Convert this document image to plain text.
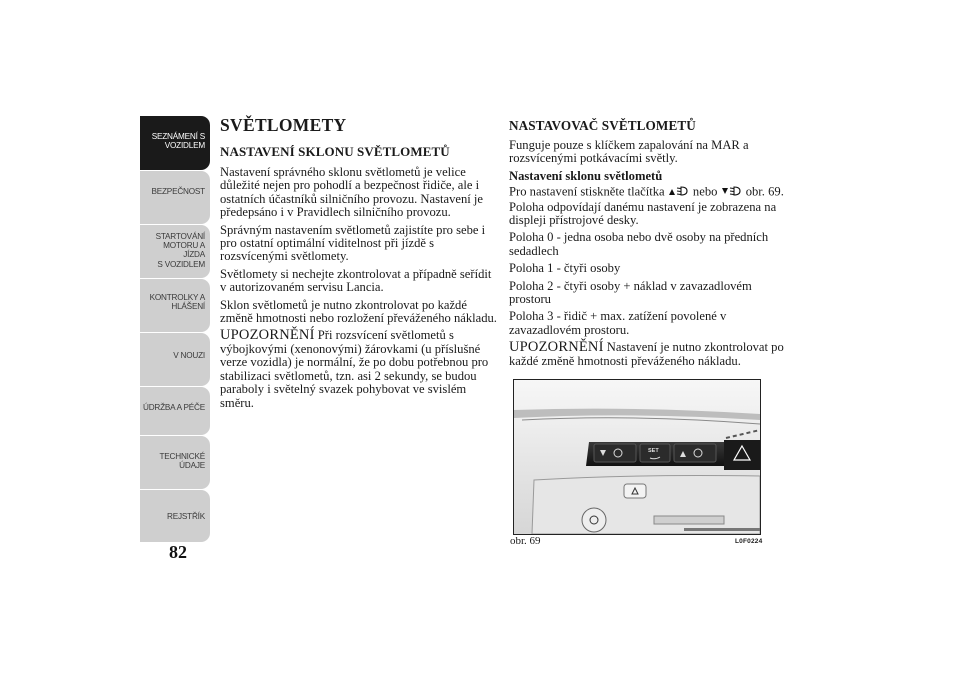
SEZNÁMENÍ S
VOZIDLEM
BEZPEČNOST
STARTOVÁNÍ
MOTORU A JÍZDA
S VOZIDLEM
KONTROLKY A
HLÁŠENÍ
V NOUZI
ÚDRŽBA A PÉČE
TECHNICKÉ
ÚDAJE
REJSTŘÍK
82
SVĚTLOMETY
NASTAVENÍ SKLONU SVĚTLOMETŮ

Nastavení správného sklonu světlometů je velice důležité nejen pro pohodlí a bezpečnost řidiče, ale i ostatních účastníků silničního provozu. Nastavení je předepsáno i v Pravidlech silničního provozu.

Správným nastavením světlometů zajistíte pro sebe i pro ostatní optimální viditelnost při jízdě s rozsvícenými světlomety.

Světlomety si nechejte zkontrolovat a případně seřídit v autorizovaném servisu Lancia.

Sklon světlometů je nutno zkontrolovat po každé změně hmotnosti nebo rozložení převáženého nákladu.

UPOZORNĚNÍ Při rozsvícení světlometů s výbojkovými (xenonovými) žárovkami (u příslušné verze vozidla) je normální, že po dobu potřebnou pro stabilizaci světlometů, tzn. asi 2 sekundy, se budou paraboly i světelný svazek pohybovat ve svislém směru.

NASTAVOVAČ SVĚTLOMETŮ

Funguje pouze s klíčkem zapalování na MAR a rozsvícenými potkávacími světly.

Nastavení sklonu světlometů

Pro nastavení stiskněte tlačítka  nebo  obr. 69. Poloha odpovídají danému nastavení je zobrazena na displeji přístrojové desky.

Poloha 0 - jedna osoba nebo dvě osoby na předních sedadlech

Poloha 1 - čtyři osoby

Poloha 2 - čtyři osoby + náklad v zavazadlovém prostoru

Poloha 3 - řidič + max. zatížení povolené v zavazadlovém prostoru.

UPOZORNĚNÍ Nastavení je nutno zkontrolovat po každé změně hmotnosti převáženého nákladu.

SET
obr. 69	L0F0224
